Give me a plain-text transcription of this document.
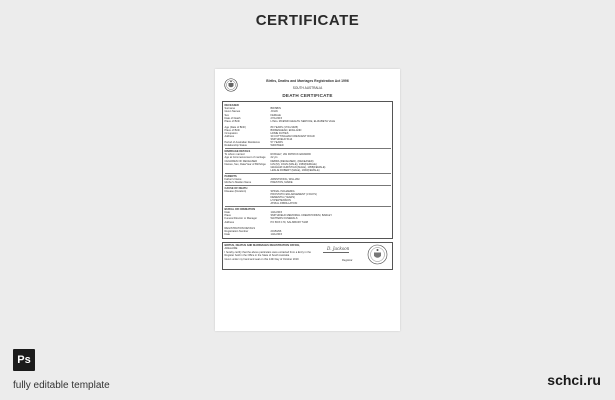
CERTIFICATE
Births, Deaths and Marriages Registration Act 1996
SOUTH AUSTRALIA
DEATH CERTIFICATE
DECEASED
Surname	BRISBIN
Given Names	JOHN
Sex	FEMALE
Date of Death	27/1/2015
Place of Birth	LYELL MCEWIN HEALTH SERVICE, ELIZABETH VALE
Age (Date of Birth)	89 YEARS (17/11/1925)
Place of Birth	BIRKENHEAD, ENGLAND
Occupation	HOME DUTIES
Address	30 COTTINGHAM CRESCENT ROAD
SMITHFIELD 5114
Period of Australian Residence	57 YEARS
Relationship Status	WIDOWED
MARRIAGE DETAILS
To whom married	ROWLEY, IAN PATRICK EDWARD
Age at Commencement of marriage	22 yrs
CHILDREN OF DECEASED	DEBRA (DECEASED), (DECEASED)
Names, Sex, Date/Year of Birth/Age	IAN (M), JOHN (MALE), 1950(FEMALE)
GRAHAM CHRISTIAN (MALE), 1958(FEMALE)
LESLIE ROBERT (MALE), 1963(FEMALE)
PARENTS
Father's Name	ARMSTRONG, WILLIAM
Mother's Maiden Name	PRESTON, MARIE
CAUSE OF DEATH
Disease (Duration)	SPINAL ISCHAEMIA
PROSTATIC ENLARGEMENT (3 DAYS)
DEMENTIA (YEARS)
HYPERTENSION
ATRIAL FIBRILLATION
BURIAL OR CREMATION
Date	14/1/2015
Place	SMITHFIELD MEMORIAL CREMATORIUM, BARLEY
Funeral Director or Manager	WATTERS FUNERALS
Address	PO BOX 179, SALISBURY 5108
REGISTRATION DETAILS
Registration Number	2015/296
Date	14/1/2015
BIRTHS, DEATHS AND MARRIAGES REGISTRATION OFFICE,
ADELAIDE
I hereby certify that the above particulars were extracted from a Entry in the Register held in the Office in the State of South Australia
Given under my hand and seal on this 14th Day of October 2019
D. Jackson
Registrar
Ps
fully editable template	schci.ru
